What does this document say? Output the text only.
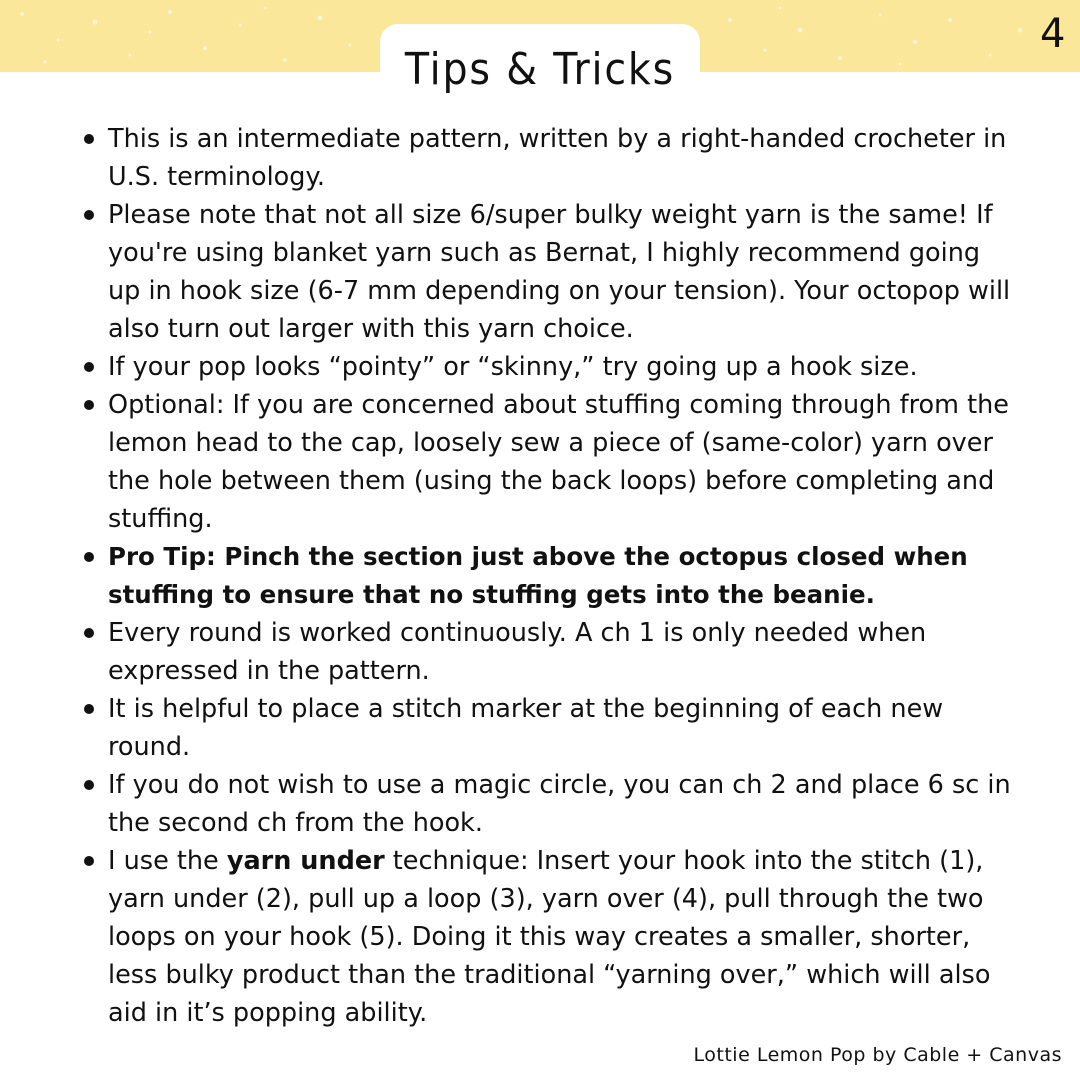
Tips & Tricks
4
This is an intermediate pattern, written by a right-handed crocheter in U.S. terminology.
Please note that not all size 6/super bulky weight yarn is the same! If you're using blanket yarn such as Bernat, I highly recommend going up in hook size (6-7 mm depending on your tension). Your octopop will also turn out larger with this yarn choice.
If your pop looks “pointy” or “skinny,” try going up a hook size.
Optional: If you are concerned about stuffing coming through from the lemon head to the cap, loosely sew a piece of (same-color) yarn over the hole between them (using the back loops) before completing and stuffing.
Pro Tip: Pinch the section just above the octopus closed when stuffing to ensure that no stuffing gets into the beanie.
Every round is worked continuously. A ch 1 is only needed when expressed in the pattern.
It is helpful to place a stitch marker at the beginning of each new round.
If you do not wish to use a magic circle, you can ch 2 and place 6 sc in the second ch from the hook.
I use the yarn under technique: Insert your hook into the stitch (1), yarn under (2), pull up a loop (3), yarn over (4), pull through the two loops on your hook (5). Doing it this way creates a smaller, shorter, less bulky product than the traditional “yarning over,” which will also aid in it’s popping ability.
Lottie Lemon Pop by Cable + Canvas
